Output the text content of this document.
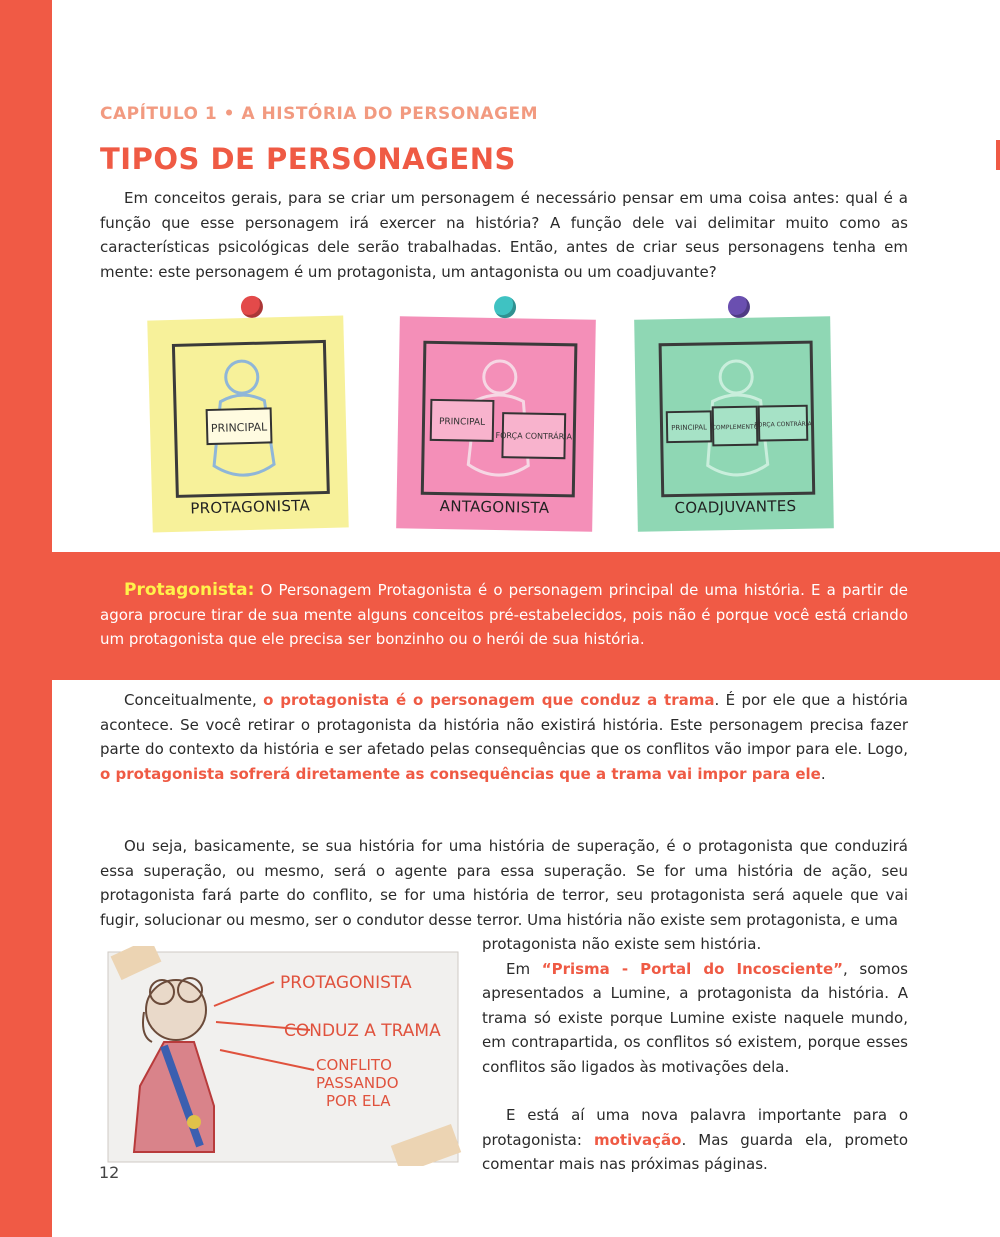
CAPÍTULO 1 • A HISTÓRIA DO PERSONAGEM
TIPOS DE PERSONAGENS
Em conceitos gerais, para se criar um personagem é necessário pensar em uma coisa antes: qual é a função que esse personagem irá exercer na história? A função dele vai delimitar muito como as características psicológicas dele serão trabalhadas. Então, antes de criar seus personagens tenha em mente: este personagem é um protagonista, um antagonista ou um coadjuvante?
PRINCIPAL
PROTAGONISTA
PRINCIPAL
FORÇA CONTRÁRIA
ANTAGONISTA
PRINCIPAL COMPLEMENTO
FORÇA CONTRÁRIA
COADJUVANTES
Protagonista: O Personagem Protagonista é o personagem principal de uma história. E a partir de agora procure tirar de sua mente alguns conceitos pré-estabelecidos, pois não é porque você está criando um protagonista que ele precisa ser bonzinho ou o herói de sua história.
Conceitualmente, o protagonista é o personagem que conduz a trama. É por ele que a história acontece. Se você retirar o protagonista da história não existirá história. Este personagem precisa fazer parte do contexto da história e ser afetado pelas consequências que os conflitos vão impor para ele. Logo, o protagonista sofrerá diretamente as consequências que a trama vai impor para ele.
Ou seja, basicamente, se sua história for uma história de superação, é o protagonista que conduzirá essa superação, ou mesmo, será o agente para essa superação. Se for uma história de ação, seu protagonista fará parte do conflito, se for uma história de terror, seu protagonista será aquele que vai fugir, solucionar ou mesmo, ser o condutor desse terror. Uma história não existe sem protagonista, e uma

protagonista não existe sem história.

Em “Prisma - Portal do Incosciente”, somos apresentados a Lumine, a protagonista da história. A trama só existe porque Lumine existe naquele mundo, em contrapartida, os conflitos só existem, porque esses conflitos são ligados às motivações dela.

E está aí uma nova palavra importante para o protagonista: motivação. Mas guarda ela, prometo comentar mais nas próximas páginas.

PROTAGONISTA
CONDUZ A TRAMA
CONFLITO
PASSANDO
POR ELA
12
